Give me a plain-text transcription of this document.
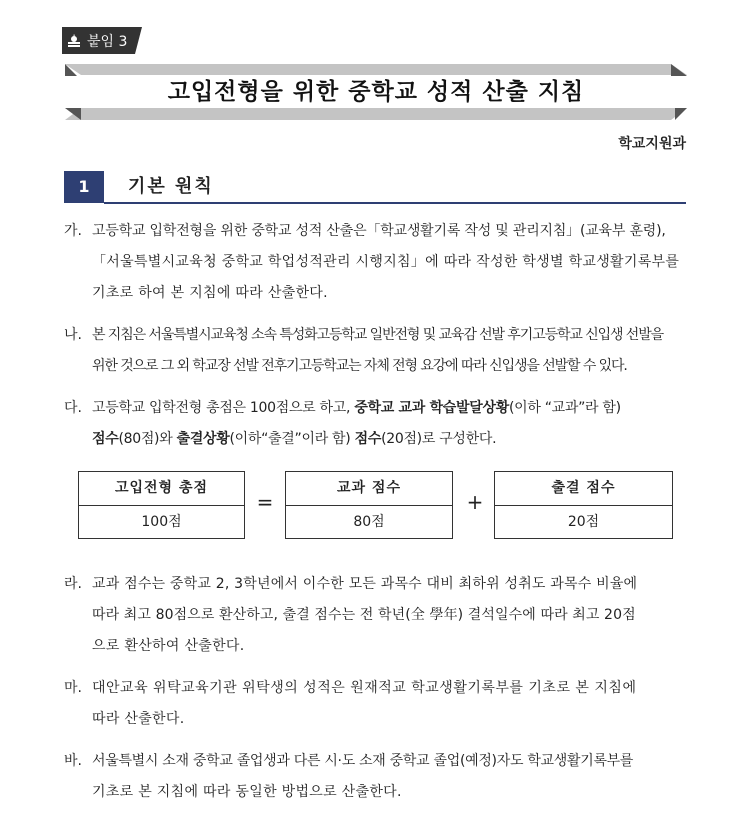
붙임 3
고입전형을 위한 중학교 성적 산출 지침
학교지원과
1	기본 원칙
가. 고등학교 입학전형을 위한 중학교 성적 산출은「학교생활기록 작성 및 관리지침」(교육부 훈령),
「서울특별시교육청 중학교 학업성적관리 시행지침」에 따라 작성한 학생별 학교생활기록부를
기초로 하여 본 지침에 따라 산출한다.
나. 본 지침은 서울특별시교육청 소속 특성화고등학교 일반전형 및 교육감 선발 후기고등학교 신입생 선발을
위한 것으로 그 외 학교장 선발 전후기고등학교는 자체 전형 요강에 따라 신입생을 선발할 수 있다.
다. 고등학교 입학전형 총점은 100점으로 하고, 중학교 교과 학습발달상황(이하 “교과”라 함)
점수(80점)와 출결상황(이하“출결”이라 함) 점수(20점)로 구성한다.
고입전형 총점
100점
=
교과 점수
80점
+
출결 점수
20점
라. 교과 점수는 중학교 2, 3학년에서 이수한 모든 과목수 대비 최하위 성취도 과목수 비율에
따라 최고 80점으로 환산하고, 출결 점수는 전 학년(全 學年) 결석일수에 따라 최고 20점
으로 환산하여 산출한다.
마. 대안교육 위탁교육기관 위탁생의 성적은 원재적교 학교생활기록부를 기초로 본 지침에
따라 산출한다.
바. 서울특별시 소재 중학교 졸업생과 다른 시·도 소재 중학교 졸업(예정)자도 학교생활기록부를
기초로 본 지침에 따라 동일한 방법으로 산출한다.
